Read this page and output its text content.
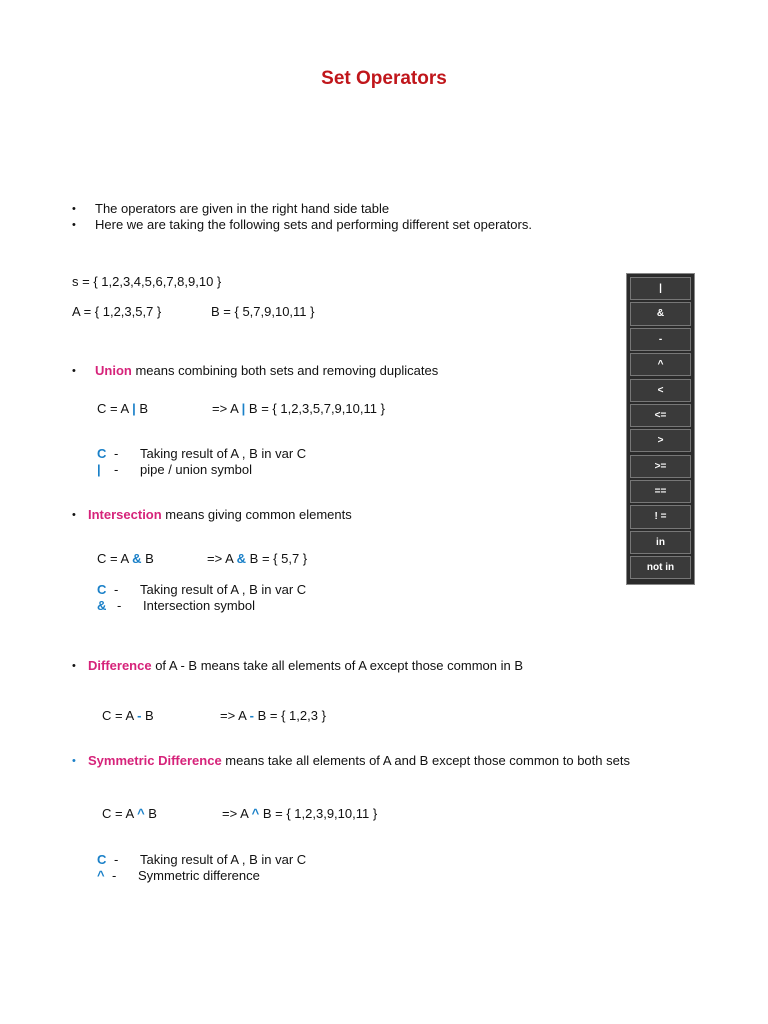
Set Operators
• The operators are given in the right hand side table
• Here we are taking the following sets and performing different set operators.
s = { 1,2,3,4,5,6,7,8,9,10 }
A = { 1,2,3,5,7 }	B = { 5,7,9,10,11 }
• Union means combining both sets and removing duplicates
C = A | B	=> A | B = { 1,2,3,5,7,9,10,11 }
C - Taking result of A , B in var C
| - pipe / union symbol
• Intersection means giving common elements
C = A & B	=> A & B = { 5,7 }
C - Taking result of A , B in var C
& - Intersection symbol
• Difference of A - B means take all elements of A except those common in B
C = A - B	=> A - B = { 1,2,3 }
• Symmetric Difference means take all elements of A and B except those common to both sets
C = A ^ B	=> A ^ B = { 1,2,3,9,10,11 }
C - Taking result of A , B in var C
^ - Symmetric difference
|
&
-
^
<
<=
>
>=
==
! =
in
not in
